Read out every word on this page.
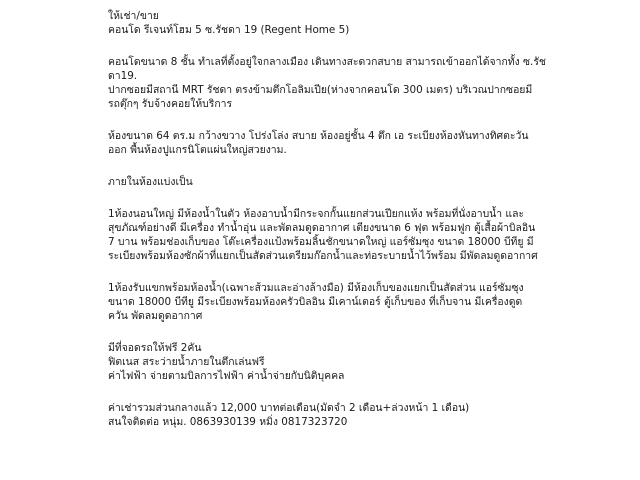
ให้เช่า/ขาย
คอนโด รีเจนท์โฮม 5 ซ.รัชดา 19 (Regent Home 5)
คอนโดขนาด 8 ชั้น ทำเลที่ตั้งอยู่ใจกลางเมือง เดินทางสะดวกสบาย สามารถเข้าออกได้จากทั้ง ซ.รัช
ดา19.
ปากซอยมีสถานี MRT รัชดา ตรงข้ามตึกโอลิมเปีย(ห่างจากคอนโด 300 เมตร) บริเวณปากซอยมี
รถตุ๊กๆ รับจ้างคอยให้บริการ
ห้องขนาด 64 ตร.ม กว้างขวาง โปร่งโล่ง สบาย ห้องอยู่ชั้น 4 ตึก เอ ระเบียงห้องหันทางทิศตะวัน
ออก พื้นห้องปูแกรนิโตแผ่นใหญ่สวยงาม.
ภายในห้องแบ่งเป็น
1ห้องนอนใหญ่ มีห้องน้ำในตัว ห้องอาบน้ำมีกระจกกั้นแยกส่วนเปียกแห้ง พร้อมที่นั่งอาบน้ำ และ
สุขภัณฑ์อย่างดี มีเครื่อง ทำน้ำอุ่น และพัดลมดูดอากาศ เตียงขนาด 6 ฟุต พร้อมฟูก ตู้เสื้อผ้าบิลอิน
7 บาน พร้อมช่องเก็บของ โต๊ะเครื่องแป้งพร้อมลิ้นชักขนาดใหญ่ แอร์ซัมซุง ขนาด 18000 บีทียู มี
ระเบียงพร้อมห้องซักผ้าที่แยกเป็นสัดส่วนเตรียมก๊อกน้ำและท่อระบายน้ำไว้พร้อม มีพัดลมดูดอากาศ
1ห้องรับแขกพร้อมห้องน้ำ(เฉพาะส้วมและอ่างล้างมือ) มีห้องเก็บของแยกเป็นสัดส่วน แอร์ซัมซุง
ขนาด 18000 บีทียู มีระเบียงพร้อมห้องครัวบิลอิน มีเคาน์เตอร์ ตู้เก็บของ ที่เก็บจาน มีเครื่องดูด
ควัน พัดลมดูดอากาศ
มีที่จอดรถให้ฟรี 2คัน
ฟิตเนส สระว่ายน้ำภายในตึกเล่นฟรี
ค่าไฟฟ้า จ่ายตามบิลการไฟฟ้า ค่าน้ำจ่ายกับนิติบุคคล
ค่าเช่ารวมส่วนกลางแล้ว 12,000 บาทต่อเดือน(มัดจำ 2 เดือน+ล่วงหน้า 1 เดือน)
สนใจติดต่อ หนุ่ม. 0863930139 หมิ่ง 0817323720
